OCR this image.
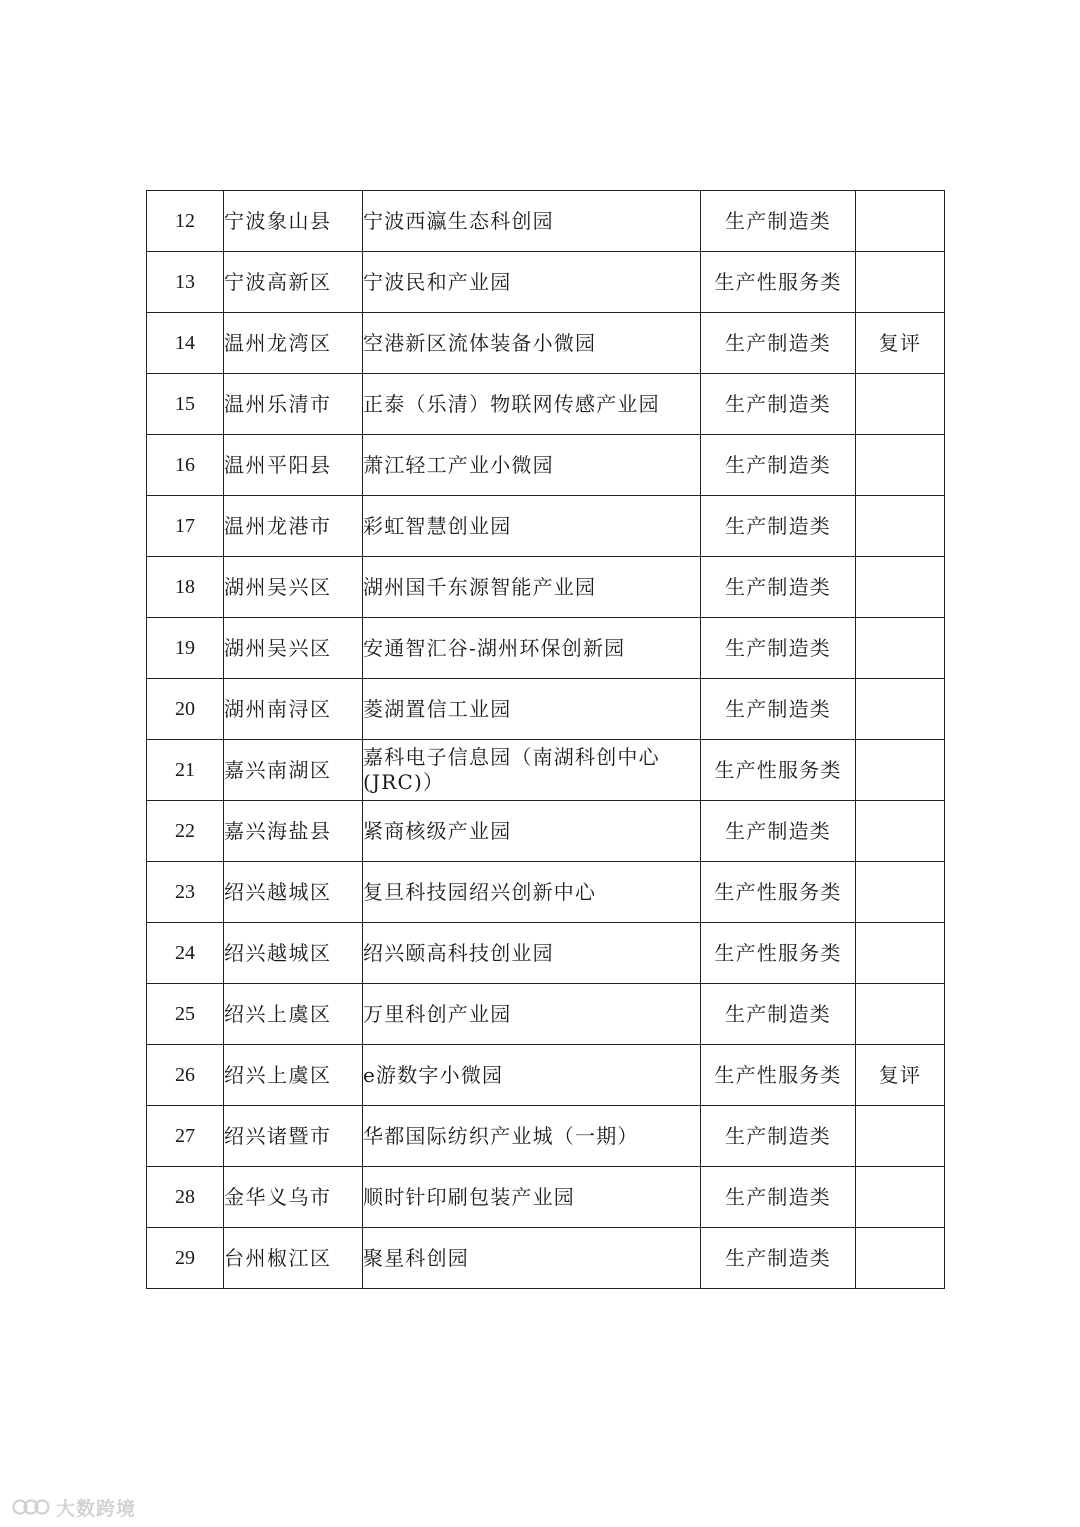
12	宁波象山县	宁波西瀛生态科创园	生产制造类	
13	宁波高新区	宁波民和产业园	生产性服务类	
14	温州龙湾区	空港新区流体装备小微园	生产制造类	复评
15	温州乐清市	正泰（乐清）物联网传感产业园	生产制造类	
16	温州平阳县	萧江轻工产业小微园	生产制造类	
17	温州龙港市	彩虹智慧创业园	生产制造类	
18	湖州吴兴区	湖州国千东源智能产业园	生产制造类	
19	湖州吴兴区	安通智汇谷-湖州环保创新园	生产制造类	
20	湖州南浔区	菱湖置信工业园	生产制造类	
21	嘉兴南湖区	嘉科电子信息园（南湖科创中心(JRC)）	生产性服务类	
22	嘉兴海盐县	紧商核级产业园	生产制造类	
23	绍兴越城区	复旦科技园绍兴创新中心	生产性服务类	
24	绍兴越城区	绍兴颐高科技创业园	生产性服务类	
25	绍兴上虞区	万里科创产业园	生产制造类	
26	绍兴上虞区	e游数字小微园	生产性服务类	复评
27	绍兴诸暨市	华都国际纺织产业城（一期）	生产制造类	
28	金华义乌市	顺时针印刷包装产业园	生产制造类	
29	台州椒江区	聚星科创园	生产制造类	
大数跨境
